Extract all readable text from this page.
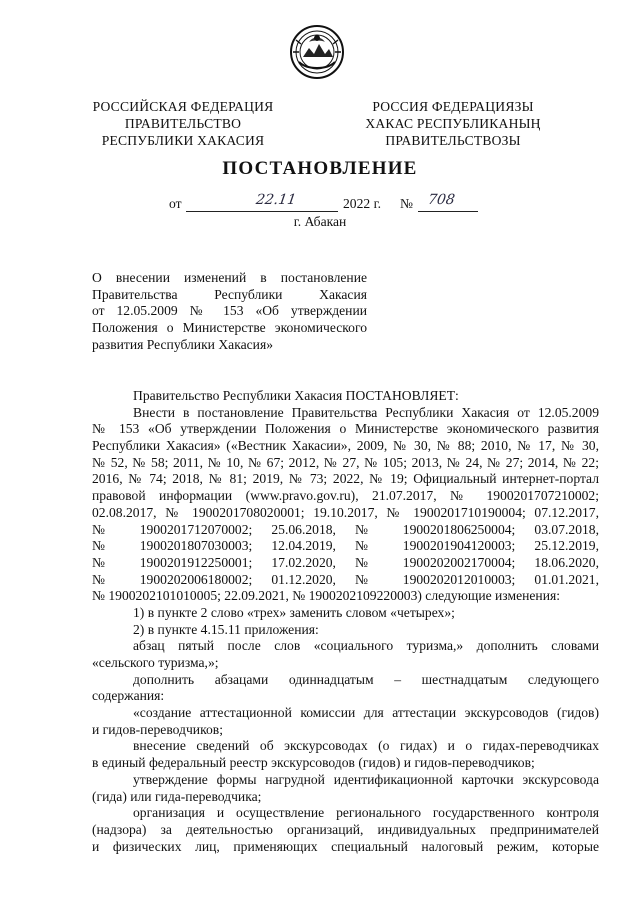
РОССИЙСКАЯ ФЕДЕРАЦИЯ
ПРАВИТЕЛЬСТВО
РЕСПУБЛИКИ ХАКАСИЯ
РОССИЯ ФЕДЕРАЦИЯЗЫ
ХАКАС РЕСПУБЛИКАНЫҢ
ПРАВИТЕЛЬСТВОЗЫ
ПОСТАНОВЛЕНИЕ
от	22.11	2022 г. № 708
г. Абакан
О внесении изменений в постановление
Правительства Республики Хакасия
от 12.05.2009 № 153 «Об утверждении
Положения о Министерстве экономического
развития Республики Хакасия»
Правительство Республики Хакасия ПОСТАНОВЛЯЕТ:
Внести в постановление Правительства Республики Хакасия от 12.05.2009
№ 153 «Об утверждении Положения о Министерстве экономического развития
Республики Хакасия» («Вестник Хакасии», 2009, № 30, № 88; 2010, № 17, № 30,
№ 52, № 58; 2011, № 10, № 67; 2012, № 27, № 105; 2013, № 24, № 27; 2014, № 22;
2016, № 74; 2018, № 81; 2019, № 73; 2022, № 19; Официальный интернет-портал
правовой информации (www.pravo.gov.ru), 21.07.2017, № 1900201707210002;
02.08.2017, № 1900201708020001; 19.10.2017, № 1900201710190004; 07.12.2017,
№ 1900201712070002; 25.06.2018, № 1900201806250004; 03.07.2018,
№ 1900201807030003; 12.04.2019, № 1900201904120003; 25.12.2019,
№ 1900201912250001; 17.02.2020, № 1900202002170004; 18.06.2020,
№ 1900202006180002; 01.12.2020, № 1900202012010003; 01.01.2021,
№ 1900202101010005; 22.09.2021, № 1900202109220003) следующие изменения:
1) в пункте 2 слово «трех» заменить словом «четырех»;
2) в пункте 4.15.11 приложения:
абзац пятый после слов «социального туризма,» дополнить словами
«сельского туризма,»;
дополнить абзацами одиннадцатым – шестнадцатым следующего
содержания:
«создание аттестационной комиссии для аттестации экскурсоводов (гидов)
и гидов-переводчиков;
внесение сведений об экскурсоводах (о гидах) и о гидах-переводчиках
в единый федеральный реестр экскурсоводов (гидов) и гидов-переводчиков;
утверждение формы нагрудной идентификационной карточки экскурсовода
(гида) или гида-переводчика;
организация и осуществление регионального государственного контроля
(надзора) за деятельностью организаций, индивидуальных предпринимателей
и физических лиц, применяющих специальный налоговый режим, которые
